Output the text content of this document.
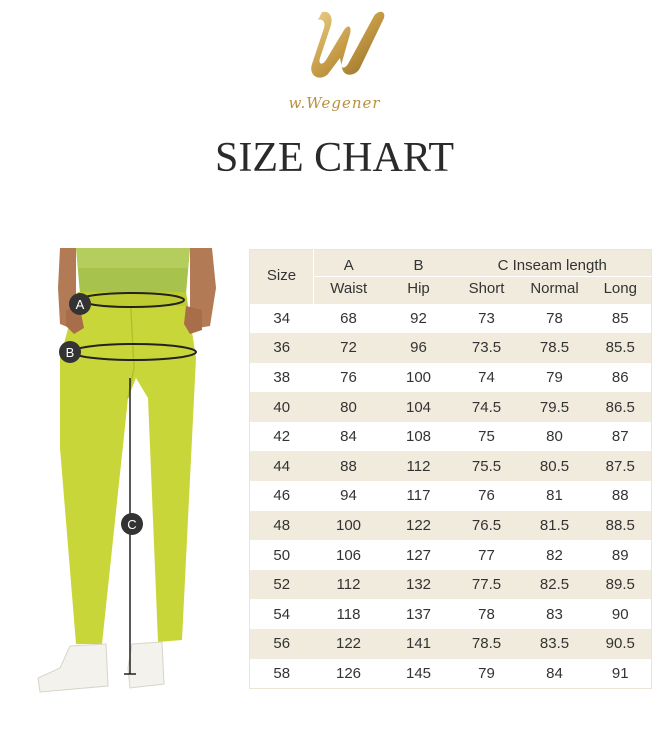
w.Wegener
SIZE CHART
A
B
C
Size	A	B	C Inseam length		
	Waist	Hip	Short	Normal	Long
34	68	92	73	78	85
36	72	96	73.5	78.5	85.5
38	76	100	74	79	86
40	80	104	74.5	79.5	86.5
42	84	108	75	80	87
44	88	112	75.5	80.5	87.5
46	94	117	76	81	88
48	100	122	76.5	81.5	88.5
50	106	127	77	82	89
52	112	132	77.5	82.5	89.5
54	118	137	78	83	90
56	122	141	78.5	83.5	90.5
58	126	145	79	84	91
